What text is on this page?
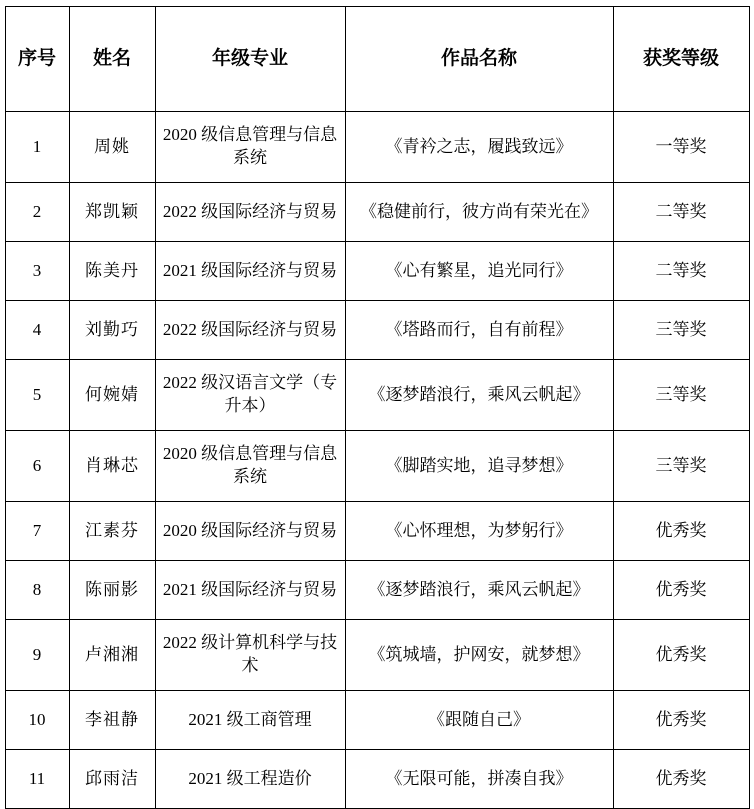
序号	姓名	年级专业	作品名称	获奖等级
1	周姚	2020 级信息管理与信息系统	《青衿之志，履践致远》	一等奖
2	郑凯颖	2022 级国际经济与贸易	《稳健前行，彼方尚有荣光在》	二等奖
3	陈美丹	2021 级国际经济与贸易	《心有繁星，追光同行》	二等奖
4	刘勤巧	2022 级国际经济与贸易	《塔路而行，自有前程》	三等奖
5	何婉婧	2022 级汉语言文学（专升本）	《逐梦踏浪行，乘风云帆起》	三等奖
6	肖琳芯	2020 级信息管理与信息系统	《脚踏实地，追寻梦想》	三等奖
7	江素芬	2020 级国际经济与贸易	《心怀理想，为梦躬行》	优秀奖
8	陈丽影	2021 级国际经济与贸易	《逐梦踏浪行，乘风云帆起》	优秀奖
9	卢湘湘	2022 级计算机科学与技术	《筑城墙，护网安，就梦想》	优秀奖
10	李祖静	2021 级工商管理	《跟随自己》	优秀奖
11	邱雨洁	2021 级工程造价	《无限可能，拼凑自我》	优秀奖
